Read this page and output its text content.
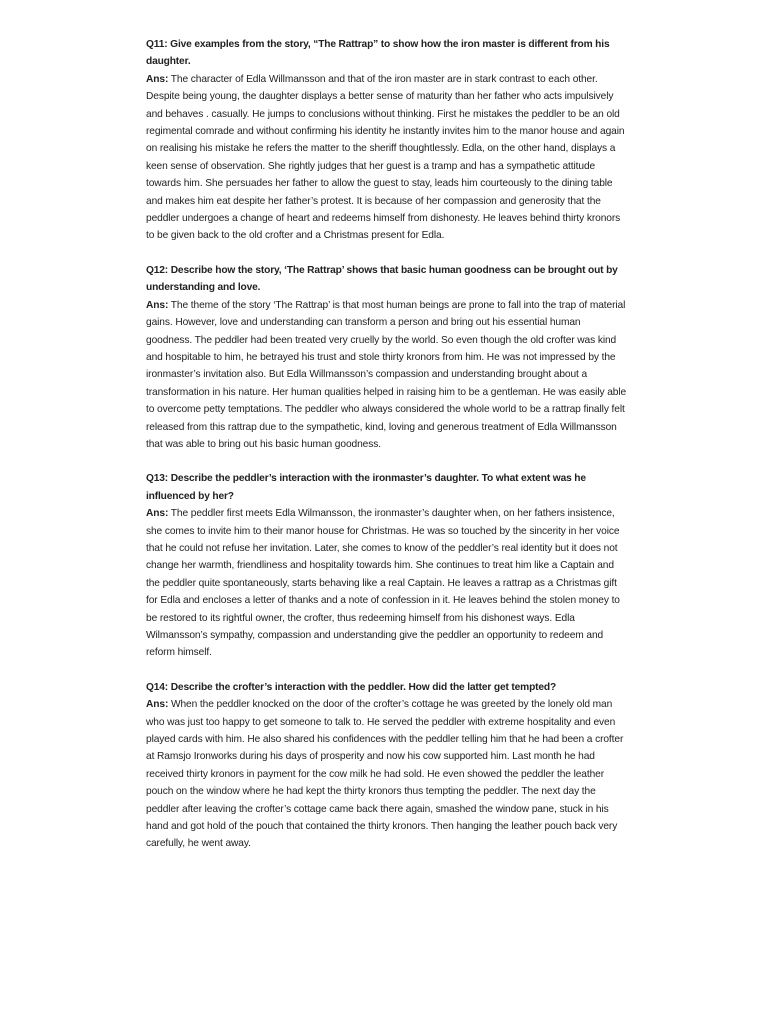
Q11: Give examples from the story, “The Rattrap” to show how the iron master is different from his daughter.

Ans: The character of Edla Willmansson and that of the iron master are in stark contrast to each other. Despite being young, the daughter displays a better sense of maturity than her father who acts impulsively and behaves . casually. He jumps to conclusions without thinking. First he mistakes the peddler to be an old regimental comrade and without confirming his identity he instantly invites him to the manor house and again on realising his mistake he refers the matter to the sheriff thoughtlessly. Edla, on the other hand, displays a keen sense of observation. She rightly judges that her guest is a tramp and has a sympathetic attitude towards him. She persuades her father to allow the guest to stay, leads him courteously to the dining table and makes him eat despite her father’s protest. It is because of her compassion and generosity that the peddler undergoes a change of heart and redeems himself from dishonesty. He leaves behind thirty kronors to be given back to the old crofter and a Christmas present for Edla.

Q12: Describe how the story, ‘The Rattrap’ shows that basic human goodness can be brought out by understanding and love.

Ans: The theme of the story ‘The Rattrap’ is that most human beings are prone to fall into the trap of material gains. However, love and understanding can transform a person and bring out his essential human goodness. The peddler had been treated very cruelly by the world. So even though the old crofter was kind and hospitable to him, he betrayed his trust and stole thirty kronors from him. He was not impressed by the ironmaster’s invitation also. But Edla Willmansson’s compassion and understanding brought about a transformation in his nature. Her human qualities helped in raising him to be a gentleman. He was easily able to overcome petty temptations. The peddler who always considered the whole world to be a rattrap finally felt released from this rattrap due to the sympathetic, kind, loving and generous treatment of Edla Willmansson that was able to bring out his basic human goodness.

Q13: Describe the peddler’s interaction with the ironmaster’s daughter. To what extent was he influenced by her?

Ans: The peddler first meets Edla Wilmansson, the ironmaster’s daughter when, on her fathers insistence, she comes to invite him to their manor house for Christmas. He was so touched by the sincerity in her voice that he could not refuse her invitation. Later, she comes to know of the peddler’s real identity but it does not change her warmth, friendliness and hospitality towards him. She continues to treat him like a Captain and the peddler quite spontaneously, starts behaving like a real Captain. He leaves a rattrap as a Christmas gift for Edla and encloses a letter of thanks and a note of confession in it. He leaves behind the stolen money to be restored to its rightful owner, the crofter, thus redeeming himself from his dishonest ways. Edla Wilmansson’s sympathy, compassion and understanding give the peddler an opportunity to redeem and reform himself.

Q14: Describe the crofter’s interaction with the peddler. How did the latter get tempted?

Ans: When the peddler knocked on the door of the crofter’s cottage he was greeted by the lonely old man who was just too happy to get someone to talk to. He served the peddler with extreme hospitality and even played cards with him. He also shared his confidences with the peddler telling him that he had been a crofter at Ramsjo Ironworks during his days of prosperity and now his cow supported him. Last month he had received thirty kronors in payment for the cow milk he had sold. He even showed the peddler the leather pouch on the window where he had kept the thirty kronors thus tempting the peddler. The next day the peddler after leaving the crofter’s cottage came back there again, smashed the window pane, stuck in his hand and got hold of the pouch that contained the thirty kronors. Then hanging the leather pouch back very carefully, he went away.
